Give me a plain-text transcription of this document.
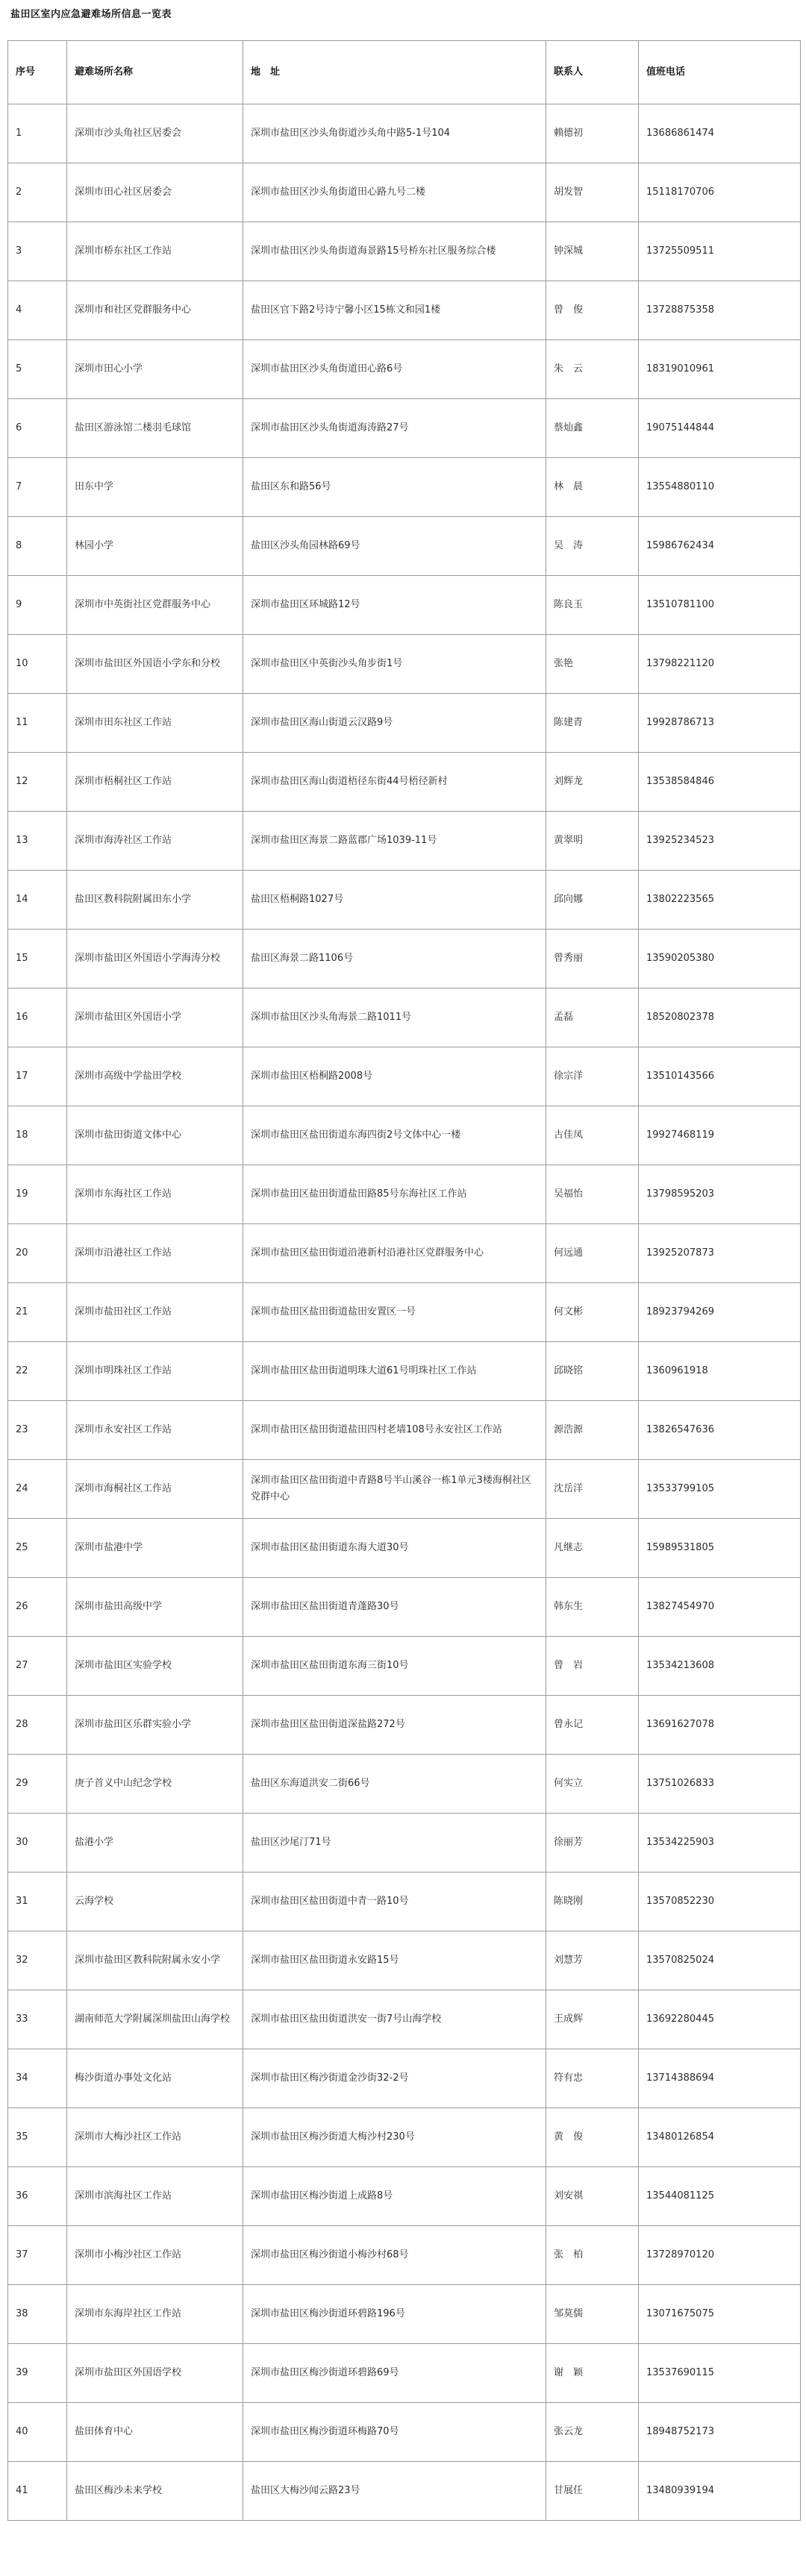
盐田区室内应急避难场所信息一览表
序号	避难场所名称	地　址	联系人	值班电话
1	深圳市沙头角社区居委会	深圳市盐田区沙头角街道沙头角中路5-1号104	赖德初	13686861474
2	深圳市田心社区居委会	深圳市盐田区沙头角街道田心路九号二楼	胡发智	15118170706
3	深圳市桥东社区工作站	深圳市盐田区沙头角街道海景路15号桥东社区服务综合楼	钟深城	13725509511
4	深圳市和社区党群服务中心	盐田区官下路2号诗宁馨小区15栋文和园1楼	曾　俊	13728875358
5	深圳市田心小学	深圳市盐田区沙头角街道田心路6号	朱　云	18319010961
6	盐田区游泳馆二楼羽毛球馆	深圳市盐田区沙头角街道海涛路27号	蔡灿鑫	19075144844
7	田东中学	盐田区东和路56号	林　晨	13554880110
8	林园小学	盐田区沙头角园林路69号	吴　涛	15986762434
9	深圳市中英街社区党群服务中心	深圳市盐田区环城路12号	陈良玉	13510781100
10	深圳市盐田区外国语小学东和分校	深圳市盐田区中英街沙头角步街1号	张艳	13798221120
11	深圳市田东社区工作站	深圳市盐田区海山街道云汉路9号	陈建青	19928786713
12	深圳市梧桐社区工作站	深圳市盐田区海山街道梧径东街44号梧径新村	刘辉龙	13538584846
13	深圳市海涛社区工作站	深圳市盐田区海景二路蓝郡广场1039-11号	黄翠明	13925234523
14	盐田区教科院附属田东小学	盐田区梧桐路1027号	邱向娜	13802223565
15	深圳市盐田区外国语小学海涛分校	盐田区海景二路1106号	曾秀丽	13590205380
16	深圳市盐田区外国语小学	深圳市盐田区沙头角海景二路1011号	孟磊	18520802378
17	深圳市高级中学盐田学校	深圳市盐田区梧桐路2008号	徐宗洋	13510143566
18	深圳市盐田街道文体中心	深圳市盐田区盐田街道东海四街2号文体中心一楼	古佳凤	19927468119
19	深圳市东海社区工作站	深圳市盐田区盐田街道盐田路85号东海社区工作站	吴福怡	13798595203
20	深圳市沿港社区工作站	深圳市盐田区盐田街道沿港新村沿港社区党群服务中心	何远通	13925207873
21	深圳市盐田社区工作站	深圳市盐田区盐田街道盐田安置区一号	何文彬	18923794269
22	深圳市明珠社区工作站	深圳市盐田区盐田街道明珠大道61号明珠社区工作站	邱晓铭	1360961918
23	深圳市永安社区工作站	深圳市盐田区盐田街道盐田四村老墙108号永安社区工作站	源浩源	13826547636
24	深圳市海桐社区工作站	深圳市盐田区盐田街道中青路8号半山溪谷一栋1单元3楼海桐社区党群中心	沈岳洋	13533799105
25	深圳市盐港中学	深圳市盐田区盐田街道东海大道30号	凡继志	15989531805
26	深圳市盐田高级中学	深圳市盐田区盐田街道青蓬路30号	韩东生	13827454970
27	深圳市盐田区实验学校	深圳市盐田区盐田街道东海三街10号	曾　岩	13534213608
28	深圳市盐田区乐群实验小学	深圳市盐田区盐田街道深盐路272号	曾永记	13691627078
29	庚子首义中山纪念学校	盐田区东海道洪安二街66号	何实立	13751026833
30	盐港小学	盐田区沙尾汀71号	徐丽芳	13534225903
31	云海学校	深圳市盐田区盐田街道中青一路10号	陈晓刚	13570852230
32	深圳市盐田区教科院附属永安小学	深圳市盐田区盐田街道永安路15号	刘慧芳	13570825024
33	湖南师范大学附属深圳盐田山海学校	深圳市盐田区盐田街道洪安一街7号山海学校	王成辉	13692280445
34	梅沙街道办事处文化站	深圳市盐田区梅沙街道金沙街32-2号	符有忠	13714388694
35	深圳市大梅沙社区工作站	深圳市盐田区梅沙街道大梅沙村230号	黄　俊	13480126854
36	深圳市滨海社区工作站	深圳市盐田区梅沙街道上成路8号	刘安祺	13544081125
37	深圳市小梅沙社区工作站	深圳市盐田区梅沙街道小梅沙村68号	张　柏	13728970120
38	深圳市东海岸社区工作站	深圳市盐田区梅沙街道环碧路196号	邹莫儒	13071675075
39	深圳市盐田区外国语学校	深圳市盐田区梅沙街道环碧路69号	谢　颖	13537690115
40	盐田体育中心	深圳市盐田区梅沙街道环梅路70号	张云龙	18948752173
41	盐田区梅沙未来学校	盐田区大梅沙闻云路23号	甘展任	13480939194
